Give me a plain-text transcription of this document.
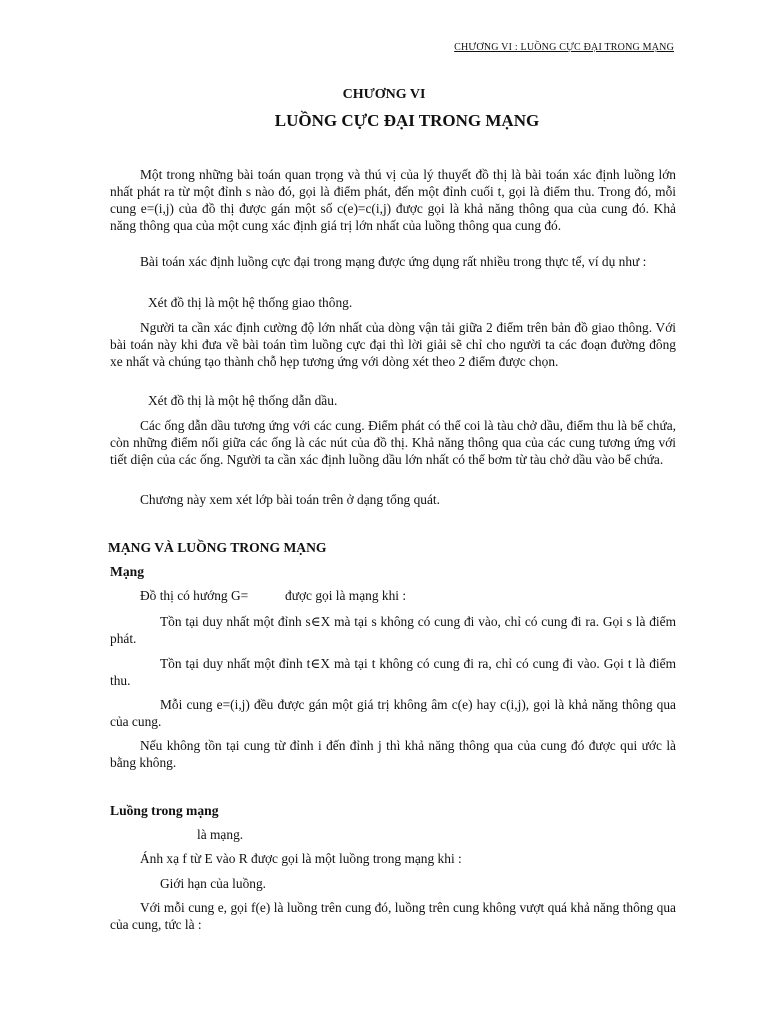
CHƯƠNG VI : LUỒNG CỰC ĐẠI TRONG MẠNG
CHƯƠNG VI
LUỒNG CỰC ĐẠI TRONG MẠNG

Một trong những bài toán quan trọng và thú vị của lý thuyết đồ thị là bài toán xác định luồng lớn nhất phát ra từ một đỉnh s nào đó, gọi là điểm phát, đến một đỉnh cuối t, gọi là điểm thu. Trong đó, mỗi cung e=(i,j) của đồ thị được gán một số c(e)=c(i,j) được gọi là khả năng thông qua của cung đó. Khả năng thông qua của một cung xác định giá trị lớn nhất của luồng thông qua cung đó.

Bài toán xác định luồng cực đại trong mạng được ứng dụng rất nhiều trong thực tế, ví dụ như :

Xét đồ thị là một hệ thống giao thông.

Người ta cần xác định cường độ lớn nhất của dòng vận tải giữa 2 điểm trên bản đồ giao thông. Với bài toán này khi đưa về bài toán tìm luồng cực đại thì lời giải sẽ chỉ cho người ta các đoạn đường đông xe nhất và chúng tạo thành chỗ hẹp tương ứng với dòng xét theo 2 điểm được chọn.

Xét đồ thị là một hệ thống dẫn dầu.

Các ống dẫn dầu tương ứng với các cung. Điểm phát có thể coi là tàu chở dầu, điểm thu là bể chứa, còn những điểm nối giữa các ống là các nút của đồ thị. Khả năng thông qua của các cung tương ứng với tiết diện của các ống. Người ta cần xác định luồng dầu lớn nhất có thể bơm từ tàu chở dầu vào bể chứa.

Chương này xem xét lớp bài toán trên ở dạng tổng quát.

MẠNG VÀ LUỒNG TRONG MẠNG
Mạng

Đồ thị có hướng G=           được gọi là mạng khi :

Tồn tại duy nhất một đỉnh s∈X mà tại s không có cung đi vào, chỉ có cung đi ra. Gọi s là điểm phát.

Tồn tại duy nhất một đỉnh t∈X mà tại t không có cung đi ra, chỉ có cung đi vào. Gọi t là điểm thu.

Mỗi cung e=(i,j) đều được gán một giá trị không âm c(e) hay c(i,j), gọi là khả năng thông qua của cung.

Nếu không tồn tại cung từ đỉnh i đến đỉnh j thì khả năng thông qua của cung đó được qui ước là bằng không.

Luồng trong mạng

là mạng.

Ánh xạ f từ E vào R được gọi là một luồng trong mạng khi :

Giới hạn của luồng.

Với mỗi cung e, gọi f(e) là luồng trên cung đó, luồng trên cung không vượt quá khả năng thông qua của cung, tức là :
